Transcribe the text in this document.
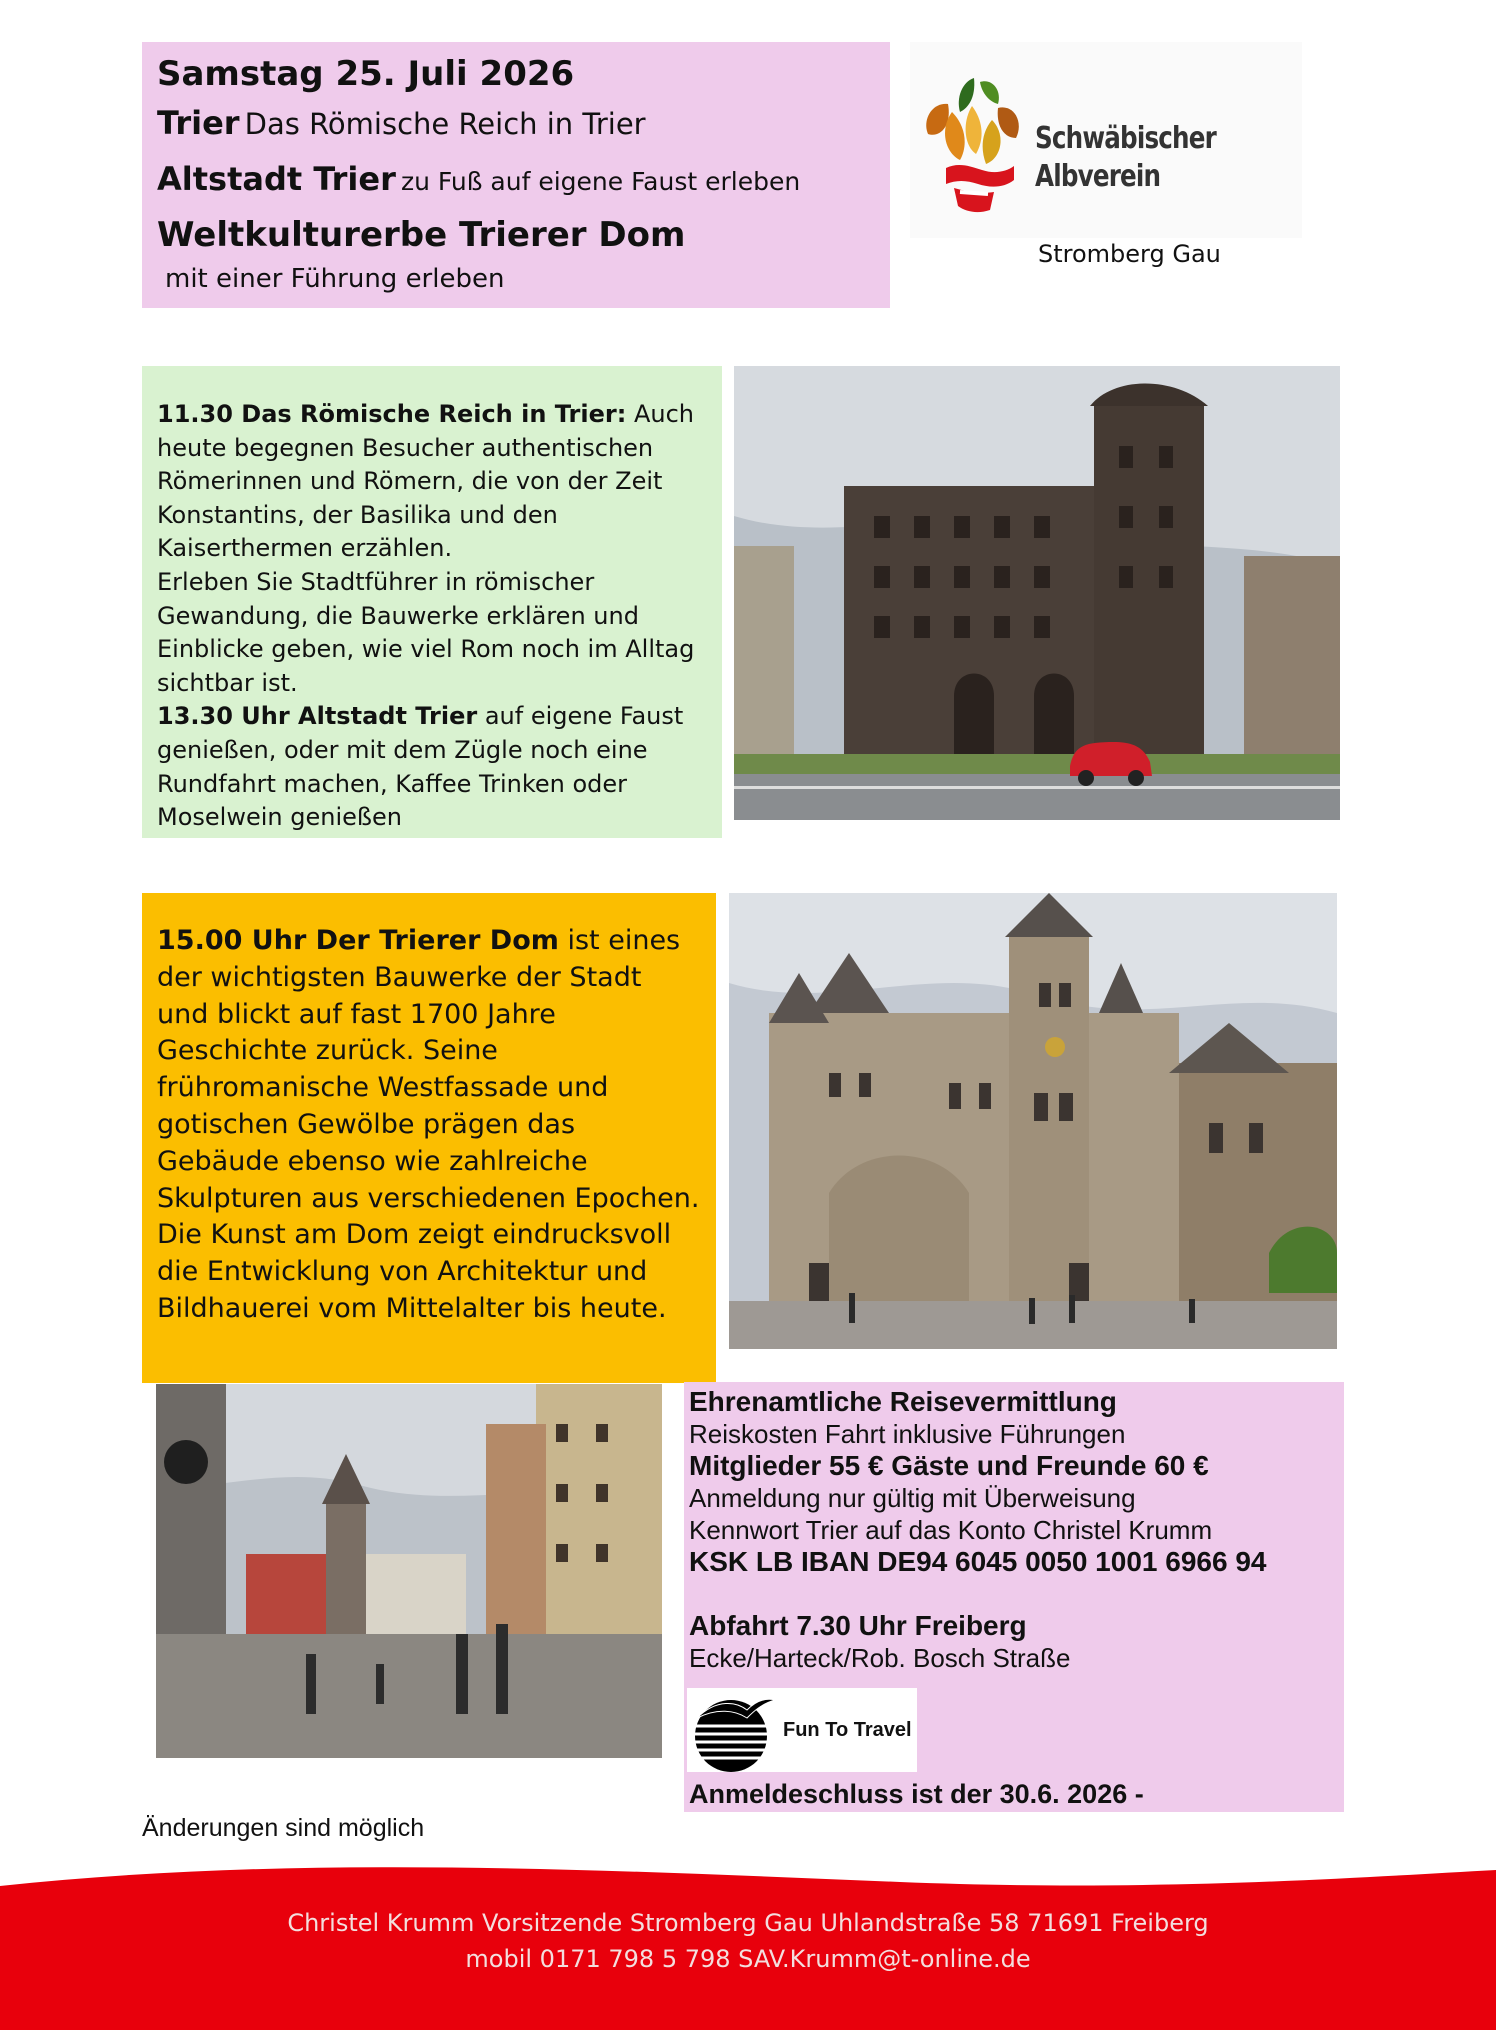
Samstag 25. Juli 2026
Trier Das Römische Reich in Trier
Altstadt Trier zu Fuß auf eigene Faust erleben
Weltkulturerbe Trierer Dom
mit einer Führung erleben
Schwäbischer
Albverein
Stromberg Gau
11.30 Das Römische Reich in Trier: Auch heute begegnen Besucher authentischen Römerinnen und Römern, die von der Zeit Konstantins, der Basilika und den Kaiserthermen erzählen.
Erleben Sie Stadtführer in römischer Gewandung, die Bauwerke erklären und Einblicke geben, wie viel Rom noch im Alltag sichtbar ist.
13.30 Uhr Altstadt Trier auf eigene Faust genießen, oder mit dem Zügle noch eine Rundfahrt machen, Kaffee Trinken oder Moselwein genießen
15.00 Uhr Der Trierer Dom ist eines der wichtigsten Bauwerke der Stadt und blickt auf fast 1700 Jahre Geschichte zurück. Seine frühromanische Westfassade und gotischen Gewölbe prägen das Gebäude ebenso wie zahlreiche Skulpturen aus verschiedenen Epochen. Die Kunst am Dom zeigt eindrucksvoll die Entwicklung von Architektur und Bildhauerei vom Mittelalter bis heute.
Ehrenamtliche Reisevermittlung
Reiskosten Fahrt inklusive Führungen
Mitglieder 55 € Gäste und Freunde 60 €
Anmeldung nur gültig mit Überweisung
Kennwort Trier auf das Konto Christel Krumm
KSK LB IBAN DE94 6045 0050 1001 6966 94
Abfahrt 7.30 Uhr Freiberg
Ecke/Harteck/Rob. Bosch Straße
Fun To Travel
Anmeldeschluss ist der 30.6. 2026 -
Änderungen sind möglich
Christel Krumm Vorsitzende Stromberg Gau Uhlandstraße 58 71691 Freiberg
mobil 0171 798 5 798 SAV.Krumm@t-online.de
